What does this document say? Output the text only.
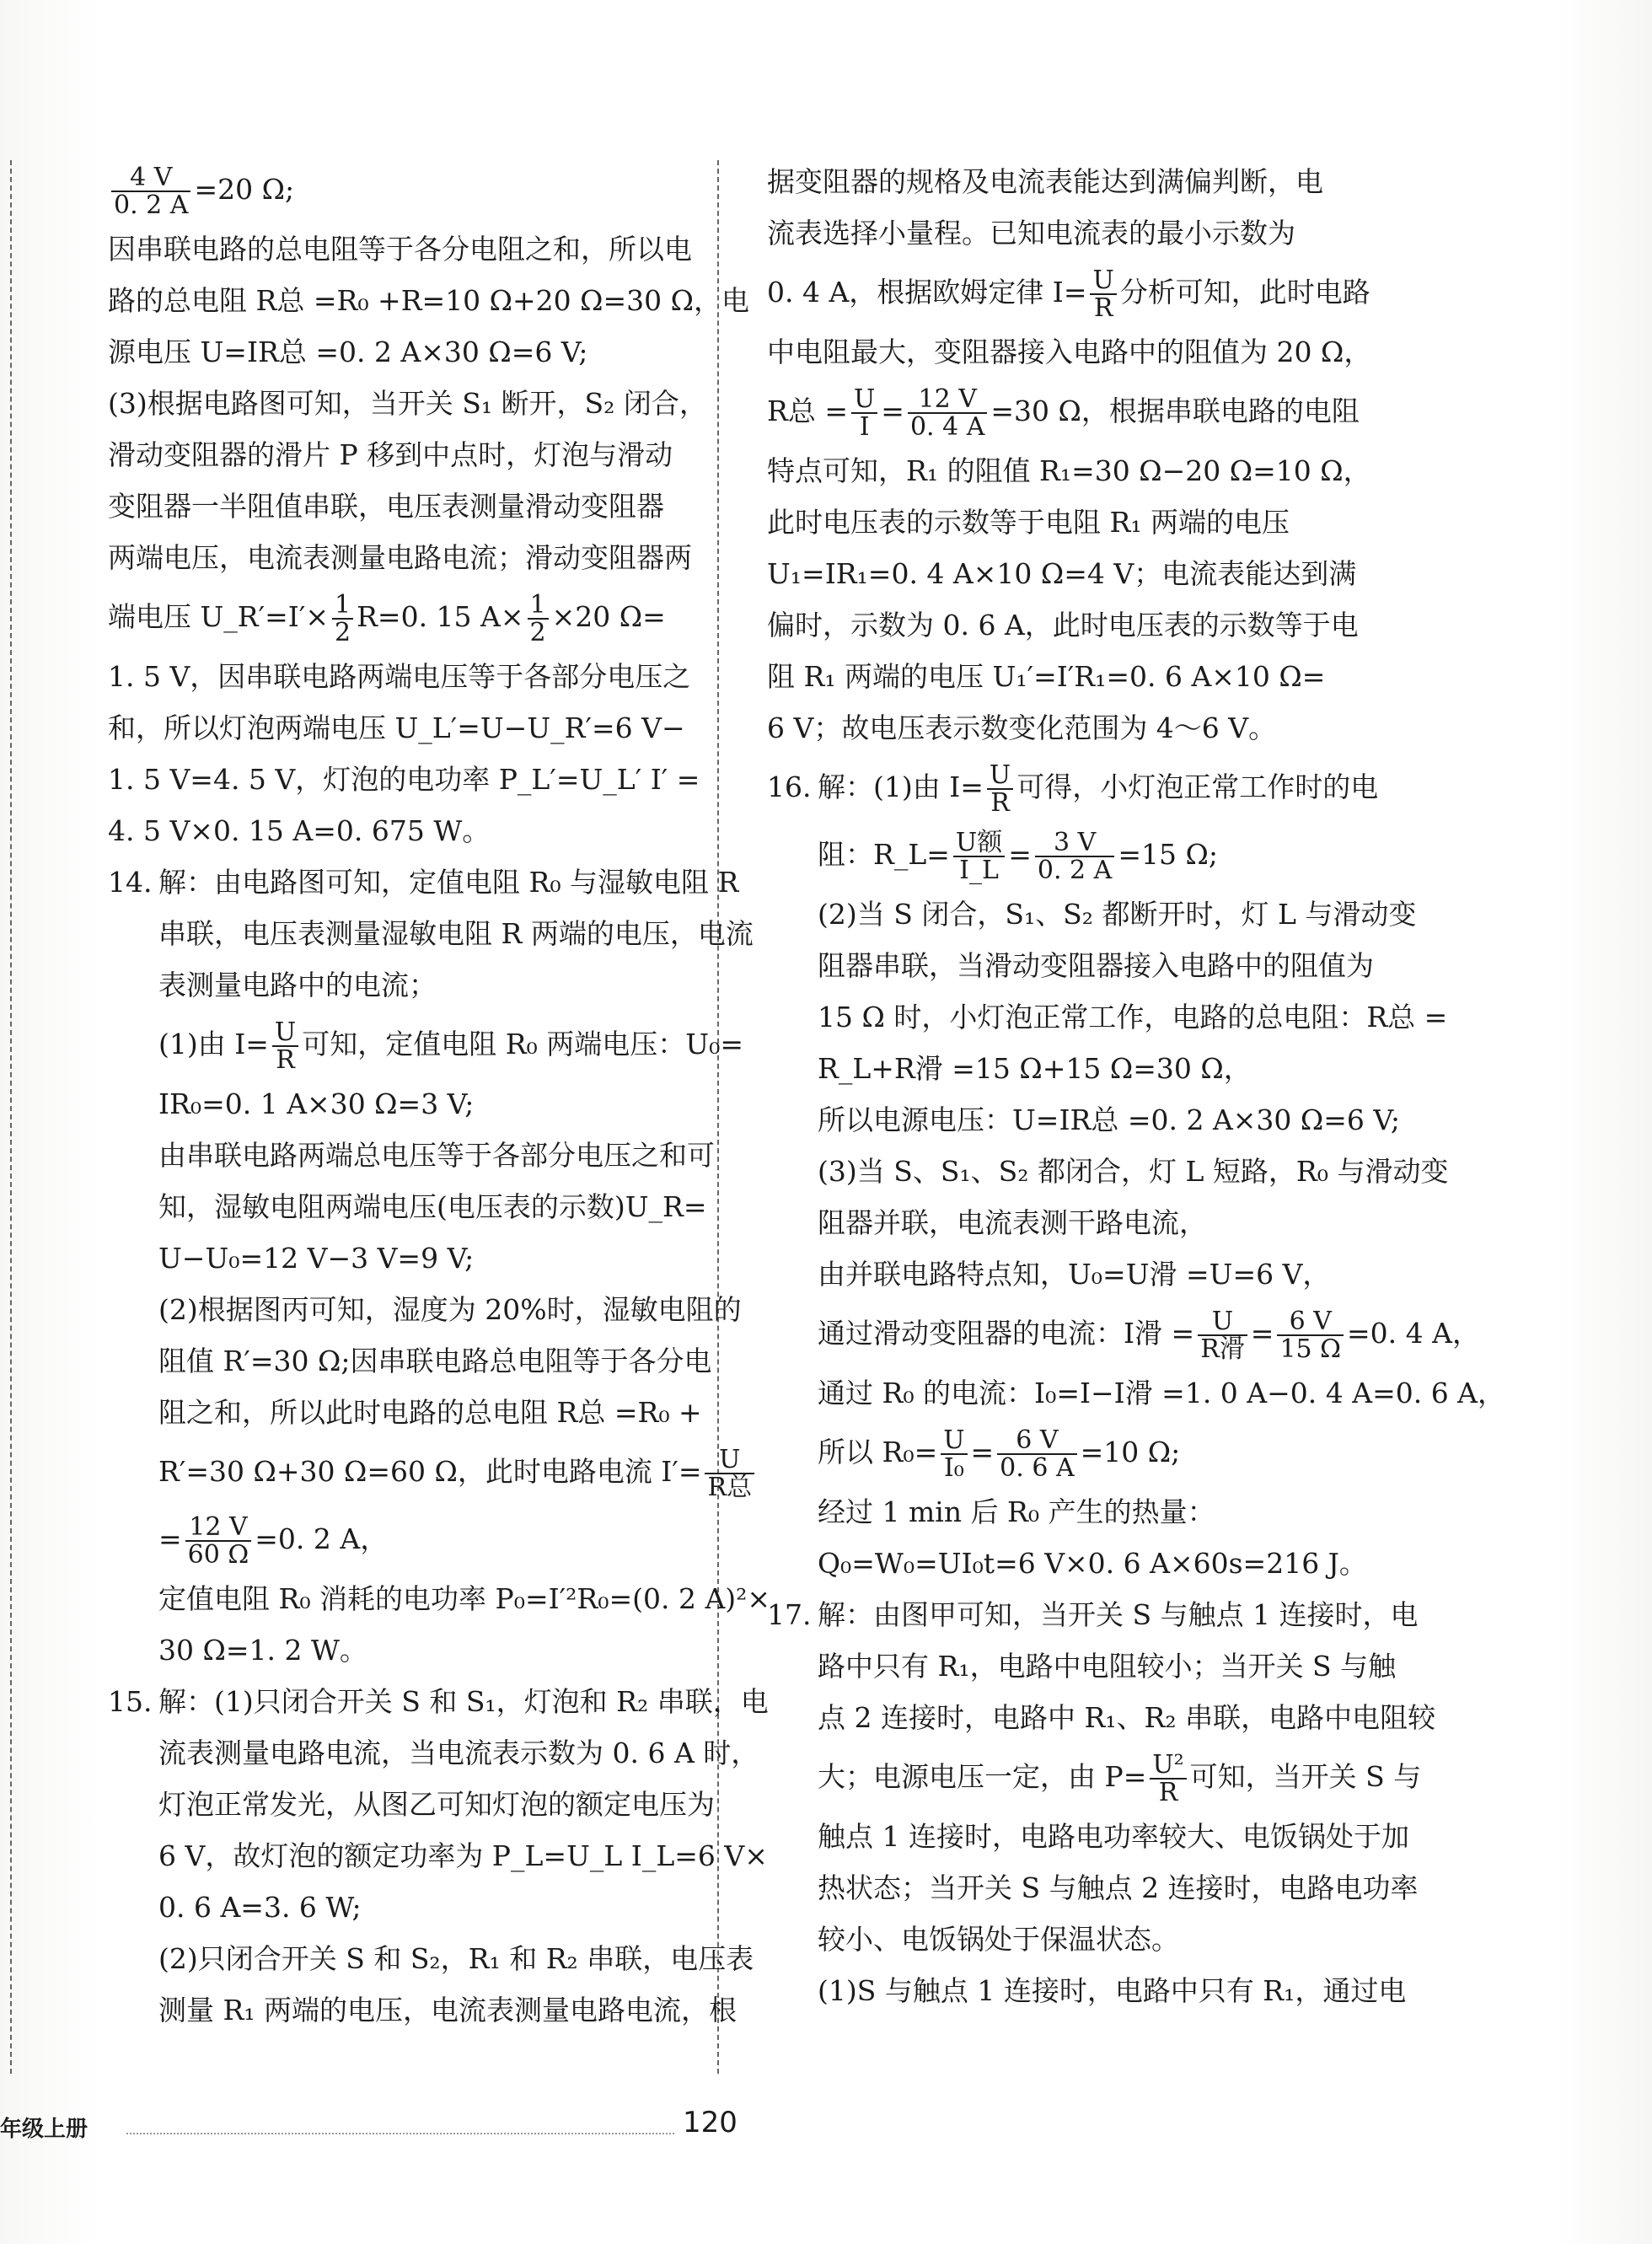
$\frac{4 V}{0. 2 A} =20$ Ω;
因串联电路的总电阻等于各分电阻之和，所以电
路的总电阻 R总 =R₀ +R=10 Ω+20 Ω=30 Ω，电
源电压 U=IR总 =0. 2 A×30 Ω=6 V;
(3)根据电路图可知，当开关 S₁ 断开，S₂ 闭合，
滑动变阻器的滑片 P 移到中点时，灯泡与滑动
变阻器一半阻值串联，电压表测量滑动变阻器
两端电压，电流表测量电路电流；滑动变阻器两
端电压 U_R′=I′× $\frac{1}{2} R=0$. 15 $A\times \frac{1}{2} \times 20$ Ω=
1. 5 V，因串联电路两端电压等于各部分电压之
和，所以灯泡两端电压 U_L′=U−U_R′=6 V−
1. 5 V=4. 5 V，灯泡的电功率 P_L′=U_L′ I′ =
4. 5 V×0. 15 A=0. 675 W。
14. 解：由电路图可知，定值电阻 R₀ 与湿敏电阻 R
串联，电压表测量湿敏电阻 R 两端的电压，电流
表测量电路中的电流；
(1)由 $I= \frac{U}{R}$ 可知，定值电阻 R₀ 两端电压：U₀=
IR₀=0. 1 A×30 Ω=3 V;
由串联电路两端总电压等于各部分电压之和可
知，湿敏电阻两端电压(电压表的示数)U_R=
U−U₀=12 V−3 V=9 V;
(2)根据图丙可知，湿度为 20%时，湿敏电阻的
阻值 R′=30 Ω;因串联电路总电阻等于各分电
阻之和，所以此时电路的总电阻 R总 =R₀ +
R′=30 Ω+30 Ω=60 Ω，此时电路电流 $I'= \frac{U}{\text{R总}}$
= $\frac{12 V}{60 \Omega} =0$. 2 A，
定值电阻 R₀ 消耗的电功率 P₀=I′²R₀=(0. 2 A)²×
30 Ω=1. 2 W。
15. 解：(1)只闭合开关 S 和 S₁，灯泡和 R₂ 串联，电
流表测量电路电流，当电流表示数为 0. 6 A 时，
灯泡正常发光，从图乙可知灯泡的额定电压为
6 V，故灯泡的额定功率为 P_L=U_L I_L=6 V×
0. 6 A=3. 6 W;
(2)只闭合开关 S 和 S₂，R₁ 和 R₂ 串联，电压表
测量 R₁ 两端的电压，电流表测量电路电流，根
据变阻器的规格及电流表能达到满偏判断，电
流表选择小量程。已知电流表的最小示数为
0. 4 A，根据欧姆定律 $I= \frac{U}{R}$ 分析可知，此时电路
中电阻最大，变阻器接入电路中的阻值为 20 Ω，
R总 = $\frac{U}{I} = \frac{12 V}{0. 4 A} =30$ Ω，根据串联电路的电阻
特点可知，R₁ 的阻值 R₁=30 Ω−20 Ω=10 Ω，
此时电压表的示数等于电阻 R₁ 两端的电压
U₁=IR₁=0. 4 A×10 Ω=4 V；电流表能达到满
偏时，示数为 0. 6 A，此时电压表的示数等于电
阻 R₁ 两端的电压 U₁′=I′R₁=0. 6 A×10 Ω=
6 V；故电压表示数变化范围为 4～6 V。
16. 解：(1)由 $I= \frac{U}{R}$ 可得，小灯泡正常工作时的电
阻：R_L= $\frac{\text{U额}}{I\_L} = \frac{3 V}{0. 2 A} =15$ Ω;
(2)当 S 闭合，S₁、S₂ 都断开时，灯 L 与滑动变
阻器串联，当滑动变阻器接入电路中的阻值为
15 Ω 时，小灯泡正常工作，电路的总电阻：R总 =
R_L+R滑 =15 Ω+15 Ω=30 Ω，
所以电源电压：U=IR总 =0. 2 A×30 Ω=6 V;
(3)当 S、S₁、S₂ 都闭合，灯 L 短路，R₀ 与滑动变
阻器并联，电流表测干路电流，
由并联电路特点知，U₀=U滑 =U=6 V，
通过滑动变阻器的电流：I滑 = $\frac{U}{\text{R滑}} = \frac{6 V}{15 \Omega} =0$. 4 A，
通过 R₀ 的电流：I₀=I−I滑 =1. 0 A−0. 4 A=0. 6 A，
所以 $R_0= \frac{U}{\text{I₀}} = \frac{6 V}{0. 6 A} =10$ Ω;
经过 1 min 后 R₀ 产生的热量：
Q₀=W₀=UI₀t=6 V×0. 6 A×60s=216 J。
17. 解：由图甲可知，当开关 S 与触点 1 连接时，电
路中只有 R₁，电路中电阻较小；当开关 S 与触
点 2 连接时，电路中 R₁、R₂ 串联，电路中电阻较
大；电源电压一定，由 $P= \frac{\text{U²}}{R}$ 可知，当开关 S 与
触点 1 连接时，电路电功率较大、电饭锅处于加
热状态；当开关 S 与触点 2 连接时，电路电功率
较小、电饭锅处于保温状态。
(1)S 与触点 1 连接时，电路中只有 R₁，通过电
年级上册	120
